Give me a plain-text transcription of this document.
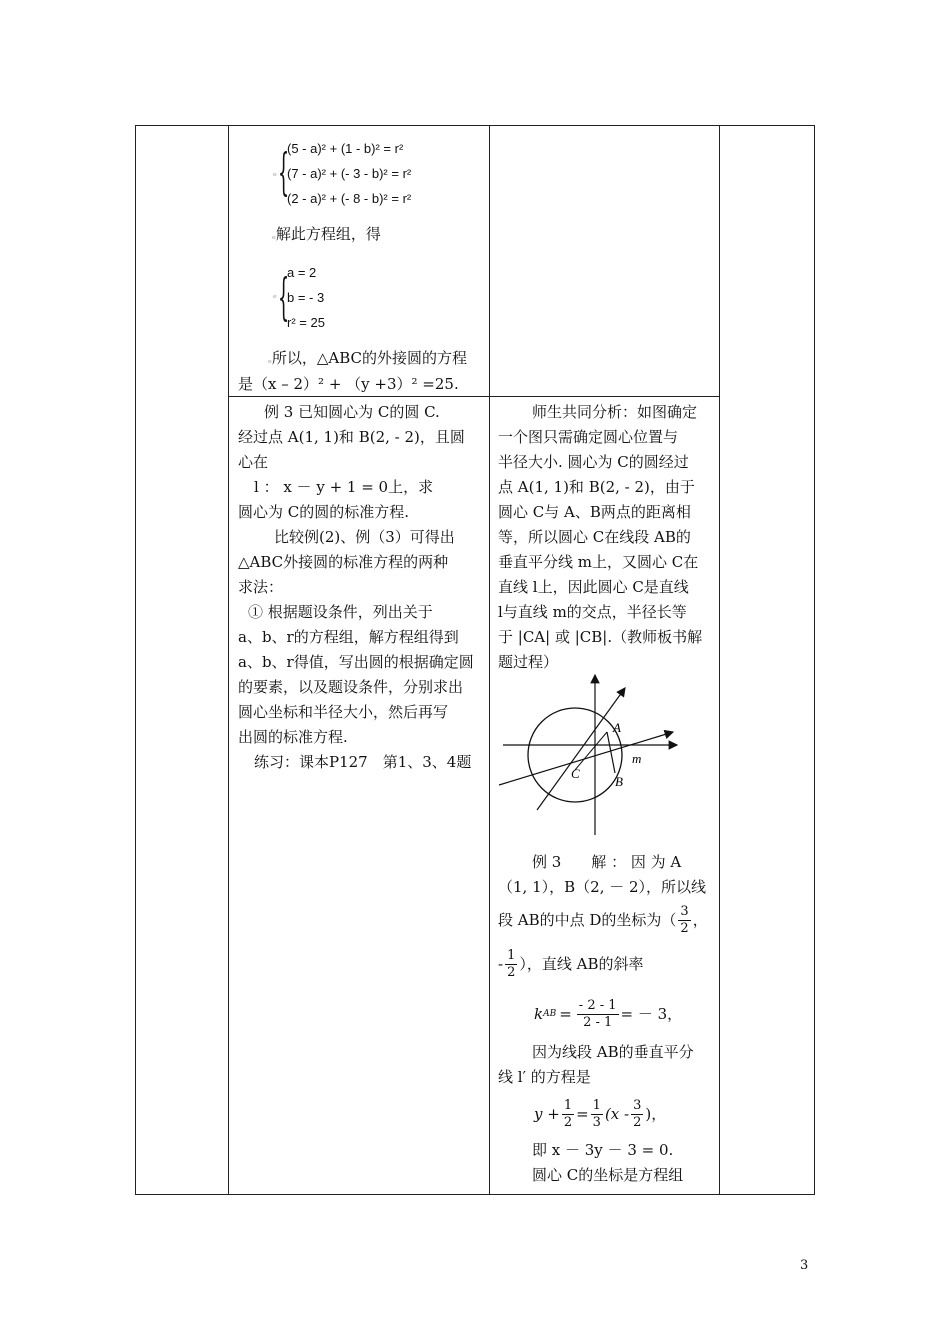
ₑ {
(5 - a)² + (1 - b)² = r²
(7 - a)² + (- 3 - b)² = r²
(2 - a)² + (- 8 - b)² = r²
ₑ解此方程组，得
ₑ {
a = 2
b = - 3
r² = 25
ₑ所以，△ABC的外接圆的方程
是（x – 2）² + （y +3）² =25.
例 3 已知圆心为 C的圆 C.
经过点 A(1, 1)和 B(2, - 2)，且圆
心在
l ： x － y + 1 = 0上，求
圆心为 C的圆的标准方程.
比较例(2)、例（3）可得出
△ABC外接圆的标准方程的两种
求法：
① 根据题设条件，列出关于
a、b、r的方程组，解方程组得到
a、b、r得值，写出圆的根据确定圆
的要素，以及题设条件，分别求出
圆心坐标和半径大小，然后再写
出圆的标准方程.
练习：课本P127　第1、3、4题
师生共同分析：如图确定
一个图只需确定圆心位置与
半径大小. 圆心为 C的圆经过
点 A(1, 1)和 B(2, - 2)，由于
圆心 C与 A、B两点的距离相
等，所以圆心 C在线段 AB的
垂直平分线 m上，又圆心 C在
直线 l上，因此圆心 C是直线
l与直线 m的交点，半径长等
于 |CA| 或 |CB|.（教师板书解
题过程）
A
B
C
m
例 3　　解 ： 因 为 A
（1, 1），B（2, － 2），所以线
段 AB的中点 D的坐标为（ $\frac{3}{2}$ ，
- $\frac{1}{2}$ ），直线 AB的斜率
k AB = $\frac{- 2 - 1}{2 - 1}$ = － 3，
因为线段 AB的垂直平分
线 l′ 的方程是
$y + \frac{1}{2} = \frac{1}{3} (x - \frac{3}{2}$ )，
即 x － 3y － 3 = 0.
圆心 C的坐标是方程组
3
